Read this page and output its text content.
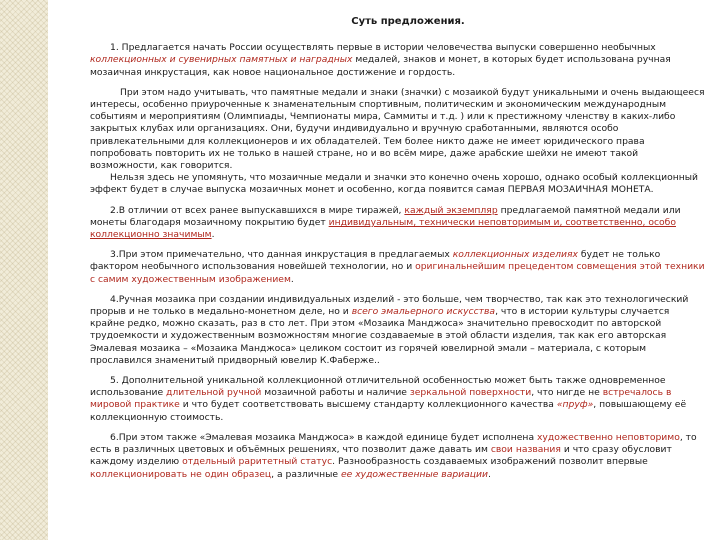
Суть предложения.

1. Предлагается начать России осуществлять первые в истории человечества выпуски совершенно необычных коллекционных и сувенирных памятных и наградных медалей, знаков и монет, в которых будет использована ручная мозаичная инкрустация, как новое национальное достижение и гордость.

При этом надо учитывать, что памятные медали и знаки (значки) с мозаикой будут уникальными и очень выдающееся интересы, особенно приуроченные к знаменательным спортивным, политическим и экономическим международным событиям и мероприятиям (Олимпиады, Чемпионаты мира, Саммиты и т.д. ) или к престижному членству в каких-либо закрытых клубах или организациях. Они, будучи индивидуально и вручную сработанными, являются особо привлекательными для коллекционеров и их обладателей. Тем более никто даже не имеет юридического права попробовать повторить их не только в нашей стране, но и во всём мире, даже арабские шейхи не имеют такой возможности, как говорится.

Нельзя здесь не упомянуть, что мозаичные медали и значки это конечно очень хорошо, однако особый коллекционный эффект будет в случае выпуска мозаичных монет и особенно, когда появится самая ПЕРВАЯ МОЗАИЧНАЯ МОНЕТА.

2.В отличии от всех ранее выпускавшихся в мире тиражей, каждый экземпляр предлагаемой памятной медали или монеты благодаря мозаичному покрытию будет индивидуальным, технически неповторимым и, соответственно, особо коллекционно значимым.

3.При этом примечательно, что данная инкрустация в предлагаемых коллекционных изделиях будет не только фактором необычного использования новейшей технологии, но и оригинальнейшим прецедентом совмещения этой техники с самим художественным изображением.

4.Ручная мозаика при создании индивидуальных изделий - это больше, чем творчество, так как это технологический прорыв и не только в медально-монетном деле, но и всего эмальерного искусства, что в истории культуры случается крайне редко, можно сказать, раз в сто лет. При этом «Мозаика Манджоса» значительно превосходит по авторской трудоемкости и художественным возможностям многие создаваемые в этой области изделия, так как его авторская Эмалевая мозаика – «Мозаика Манджоса» целиком состоит из горячей ювелирной эмали – материала, с которым прославился знаменитый придворный ювелир К.Фаберже..

5. Дополнительной уникальной коллекционной отличительной особенностью может быть также одновременное использование длительной ручной мозаичной работы и наличие зеркальной поверхности, что нигде не встречалось в мировой практике и что будет соответствовать высшему стандарту коллекционного качества «пруф», повышающему её коллекционную стоимость.

6.При этом также «Эмалевая мозаика Манджоса» в каждой единице будет исполнена художественно неповторимо, то есть в различных цветовых и объёмных решениях, что позволит даже давать им свои названия и что сразу обусловит каждому изделию отдельный раритетный статус. Разнообразность создаваемых изображений позволит впервые коллекционировать не один образец, а различные ее художественные вариации.
